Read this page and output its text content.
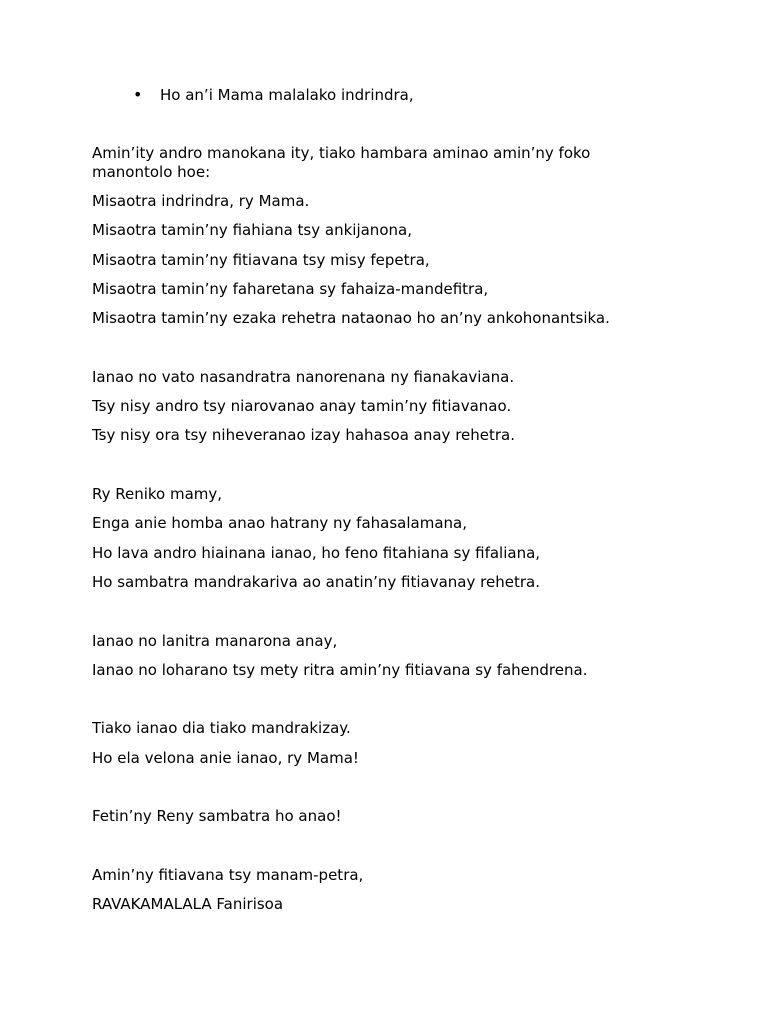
• Ho an’i Mama malalako indrindra,
Amin’ity andro manokana ity, tiako hambara aminao amin’ny foko manontolo hoe:
Misaotra indrindra, ry Mama.
Misaotra tamin’ny fiahiana tsy ankijanona,
Misaotra tamin’ny fitiavana tsy misy fepetra,
Misaotra tamin’ny faharetana sy fahaiza-mandefitra,
Misaotra tamin’ny ezaka rehetra nataonao ho an’ny ankohonantsika.
Ianao no vato nasandratra nanorenana ny fianakaviana.
Tsy nisy andro tsy niarovanao anay tamin’ny fitiavanao.
Tsy nisy ora tsy niheveranao izay hahasoa anay rehetra.
Ry Reniko mamy,
Enga anie homba anao hatrany ny fahasalamana,
Ho lava andro hiainana ianao, ho feno fitahiana sy fifaliana,
Ho sambatra mandrakariva ao anatin’ny fitiavanay rehetra.
Ianao no lanitra manarona anay,
Ianao no loharano tsy mety ritra amin’ny fitiavana sy fahendrena.
Tiako ianao dia tiako mandrakizay.
Ho ela velona anie ianao, ry Mama!
Fetin’ny Reny sambatra ho anao!
Amin’ny fitiavana tsy manam-petra,
RAVAKAMALALA Fanirisoa
